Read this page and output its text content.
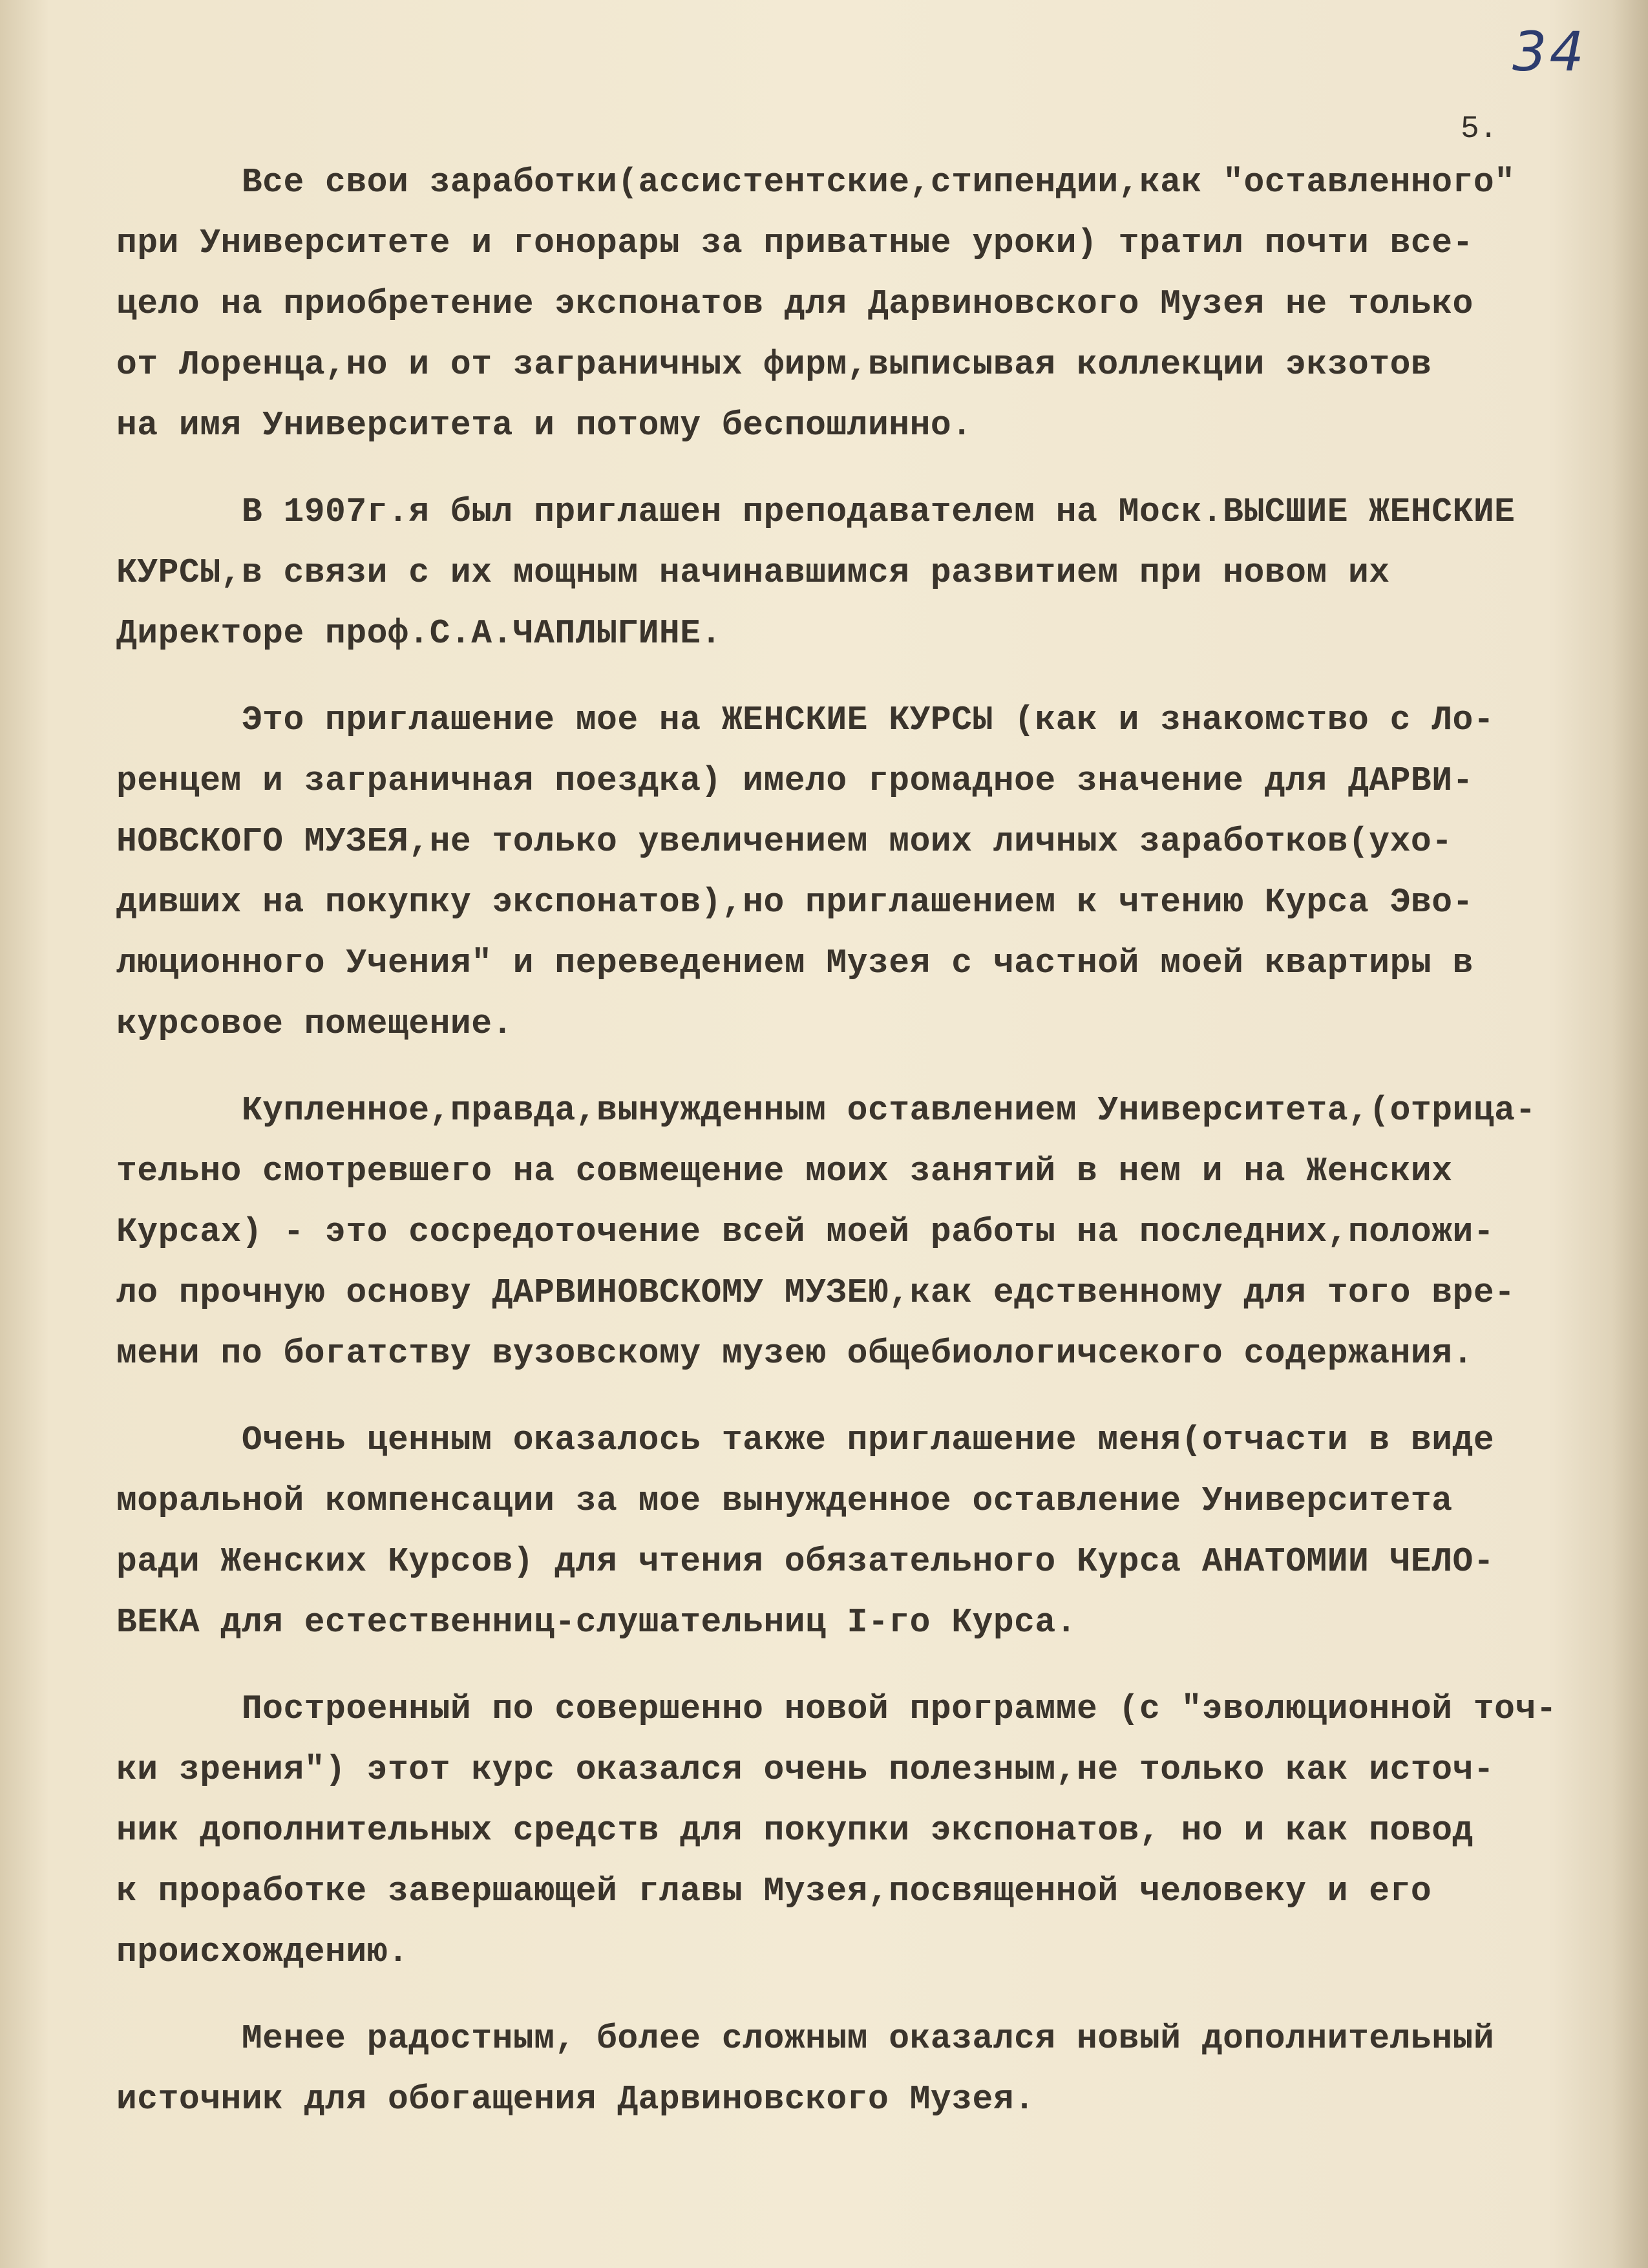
34
5.
Все свои заработки(ассистентские,стипендии,как "оставленного"
при Университете и гонорары за приватные уроки) тратил почти все-
цело на приобретение экспонатов для Дарвиновского Музея не только
от Лоренца,но и от заграничных фирм,выписывая коллекции экзотов
на имя Университета и потому беспошлинно.
В 1907г.я был приглашен преподавателем на Моск.ВЫСШИЕ ЖЕНСКИЕ
КУРСЫ,в связи с их мощным начинавшимся развитием при новом их
Директоре проф.С.А.ЧАПЛЫГИНЕ.
Это приглашение мое на ЖЕНСКИЕ КУРСЫ (как и знакомство с Ло-
ренцем и заграничная поездка) имело громадное значение для ДАРВИ-
НОВСКОГО МУЗЕЯ,не только увеличением моих личных заработков(ухо-
дивших на покупку экспонатов),но приглашением к чтению Курса Эво-
люционного Учения" и переведением Музея с частной моей квартиры в
курсовое помещение.
Купленное,правда,вынужденным оставлением Университета,(отрица-
тельно смотревшего на совмещение моих занятий в нем и на Женских
Курсах) - это сосредоточение всей моей работы на последних,положи-
ло прочную основу ДАРВИНОВСКОМУ МУЗЕЮ,как едственному для того вре-
мени по богатству вузовскому музею общебиологичсекого содержания.
Очень ценным оказалось также приглашение меня(отчасти в виде
моральной компенсации за мое вынужденное оставление Университета
ради Женских Курсов) для чтения обязательного Курса АНАТОМИИ ЧЕЛО-
ВЕКА для естественниц-слушательниц I-го Курса.
Построенный по совершенно новой программе (с "эволюционной точ-
ки зрения") этот курс оказался очень полезным,не только как источ-
ник дополнительных средств для покупки экспонатов, но и как повод
к проработке завершающей главы Музея,посвященной человеку и его
происхождению.
Менее радостным, более сложным оказался новый дополнительный
источник для обогащения Дарвиновского Музея.
